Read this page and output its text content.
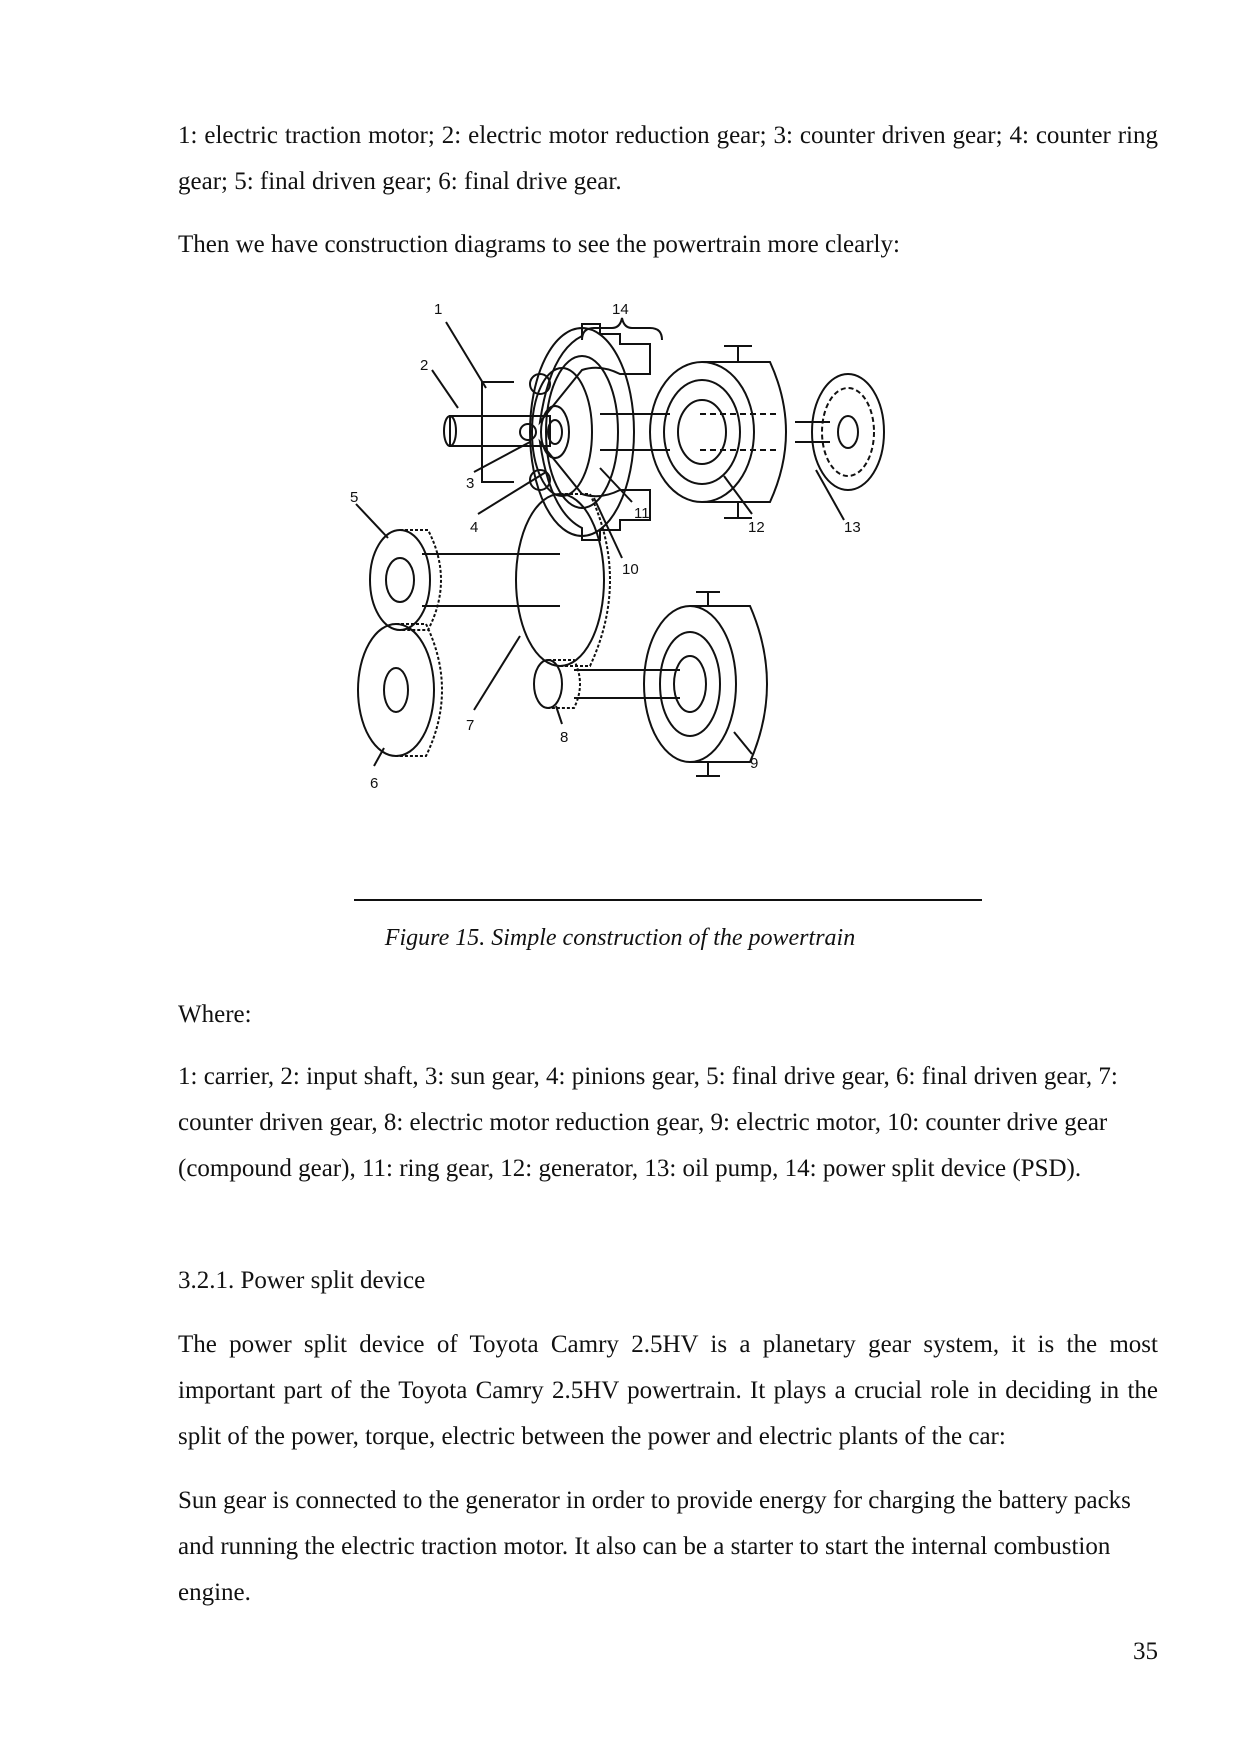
1: electric traction motor; 2: electric motor reduction gear; 3: counter driven gear; 4: counter ring gear; 5: final driven gear; 6: final drive gear.

Then we have construction diagrams to see the powertrain more clearly:

14
1
2
3
4
5
6
7
8
9
10
11
12	13

Figure 15. Simple construction of the powertrain

Where:

1: carrier, 2: input shaft, 3: sun gear, 4: pinions gear, 5: final drive gear, 6: final driven gear, 7: counter driven gear, 8: electric motor reduction gear, 9: electric motor, 10: counter drive gear (compound gear), 11: ring gear, 12: generator, 13: oil pump, 14: power split device (PSD).

3.2.1. Power split device

The power split device of Toyota Camry 2.5HV is a planetary gear system, it is the most important part of the Toyota Camry 2.5HV powertrain. It plays a crucial role in deciding in the split of the power, torque, electric between the power and electric plants of the car:

Sun gear is connected to the generator in order to provide energy for charging the battery packs and running the electric traction motor. It also can be a starter to start the internal combustion engine.

35
